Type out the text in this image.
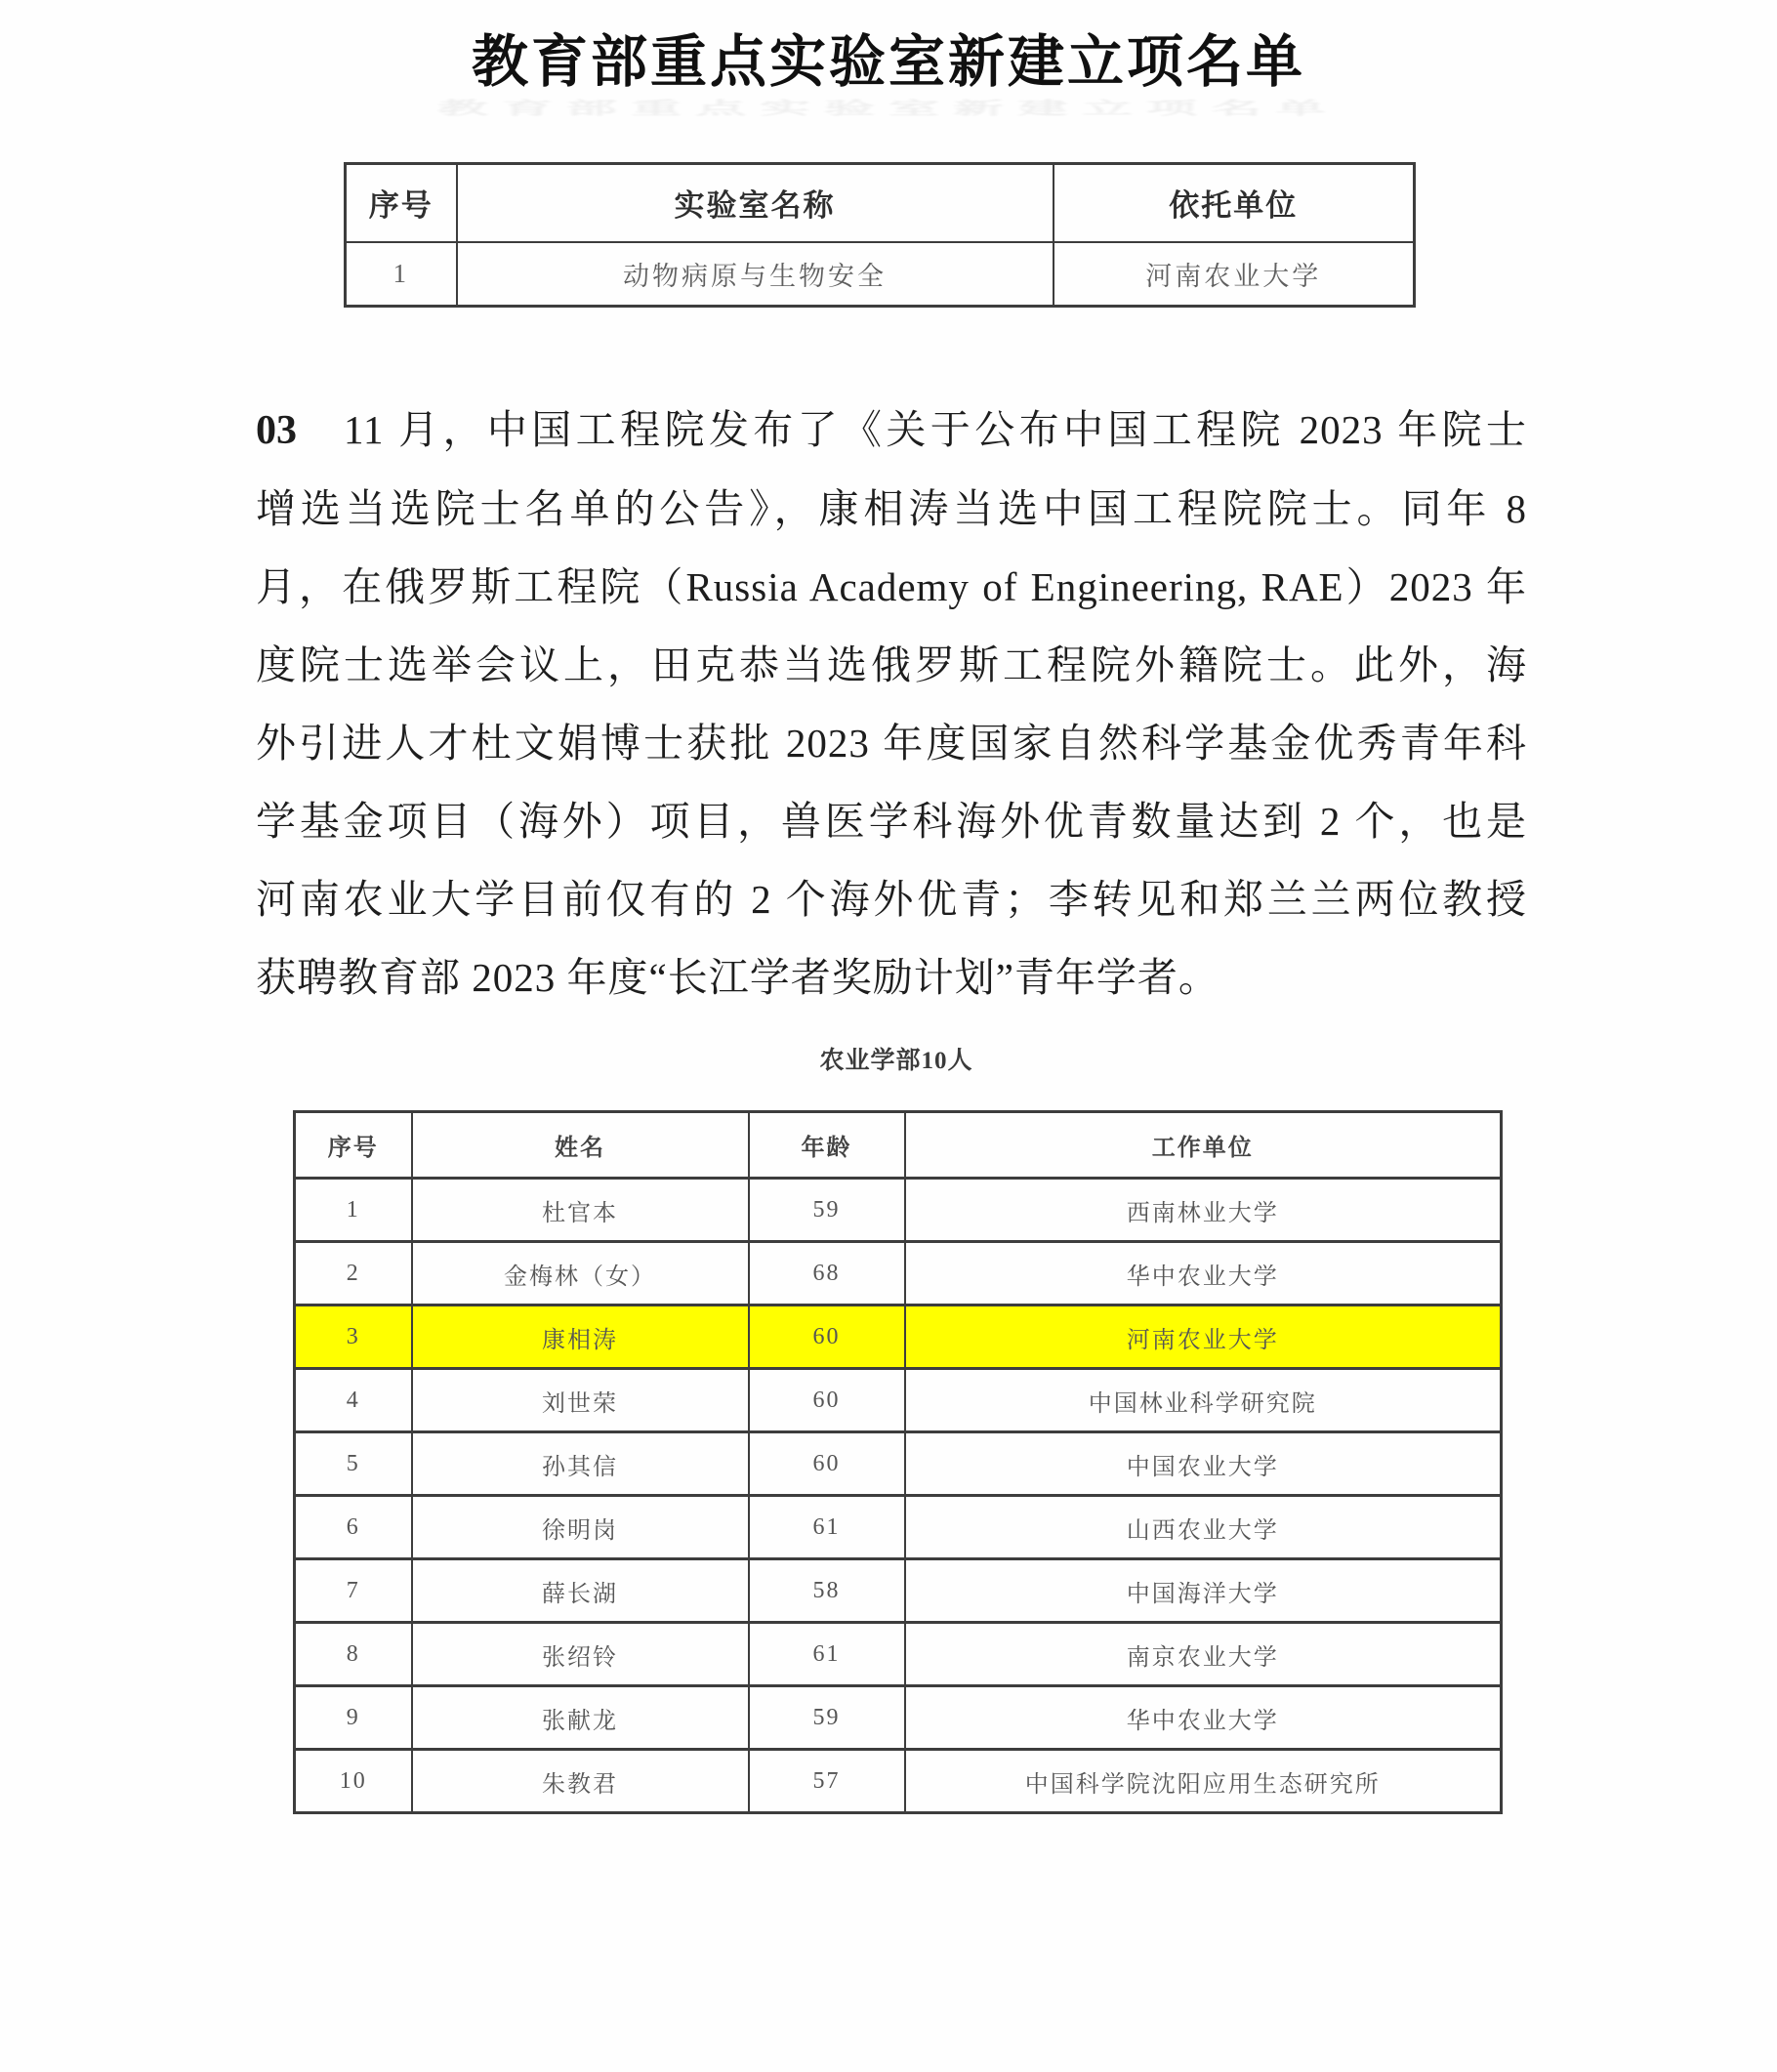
教育部重点实验室新建立项名单
教育部重点实验室新建立项名单
序号	实验室名称	依托单位
1	动物病原与生物安全	河南农业大学
03 11 月，中国工程院发布了《关于公布中国工程院 2023 年院士
增选当选院士名单的公告》，康相涛当选中国工程院院士。同年 8
月，在俄罗斯工程院（Russia Academy of Engineering, RAE）2023 年
度院士选举会议上，田克恭当选俄罗斯工程院外籍院士。此外，海
外引进人才杜文娟博士获批 2023 年度国家自然科学基金优秀青年科
学基金项目（海外）项目，兽医学科海外优青数量达到 2 个，也是
河南农业大学目前仅有的 2 个海外优青；李转见和郑兰兰两位教授
获聘教育部 2023 年度“长江学者奖励计划”青年学者。
农业学部10人
序号	姓名	年龄	工作单位
1	杜官本	59	西南林业大学
2	金梅林（女）	68	华中农业大学
3	康相涛	60	河南农业大学
4	刘世荣	60	中国林业科学研究院
5	孙其信	60	中国农业大学
6	徐明岗	61	山西农业大学
7	薛长湖	58	中国海洋大学
8	张绍铃	61	南京农业大学
9	张献龙	59	华中农业大学
10	朱教君	57	中国科学院沈阳应用生态研究所
